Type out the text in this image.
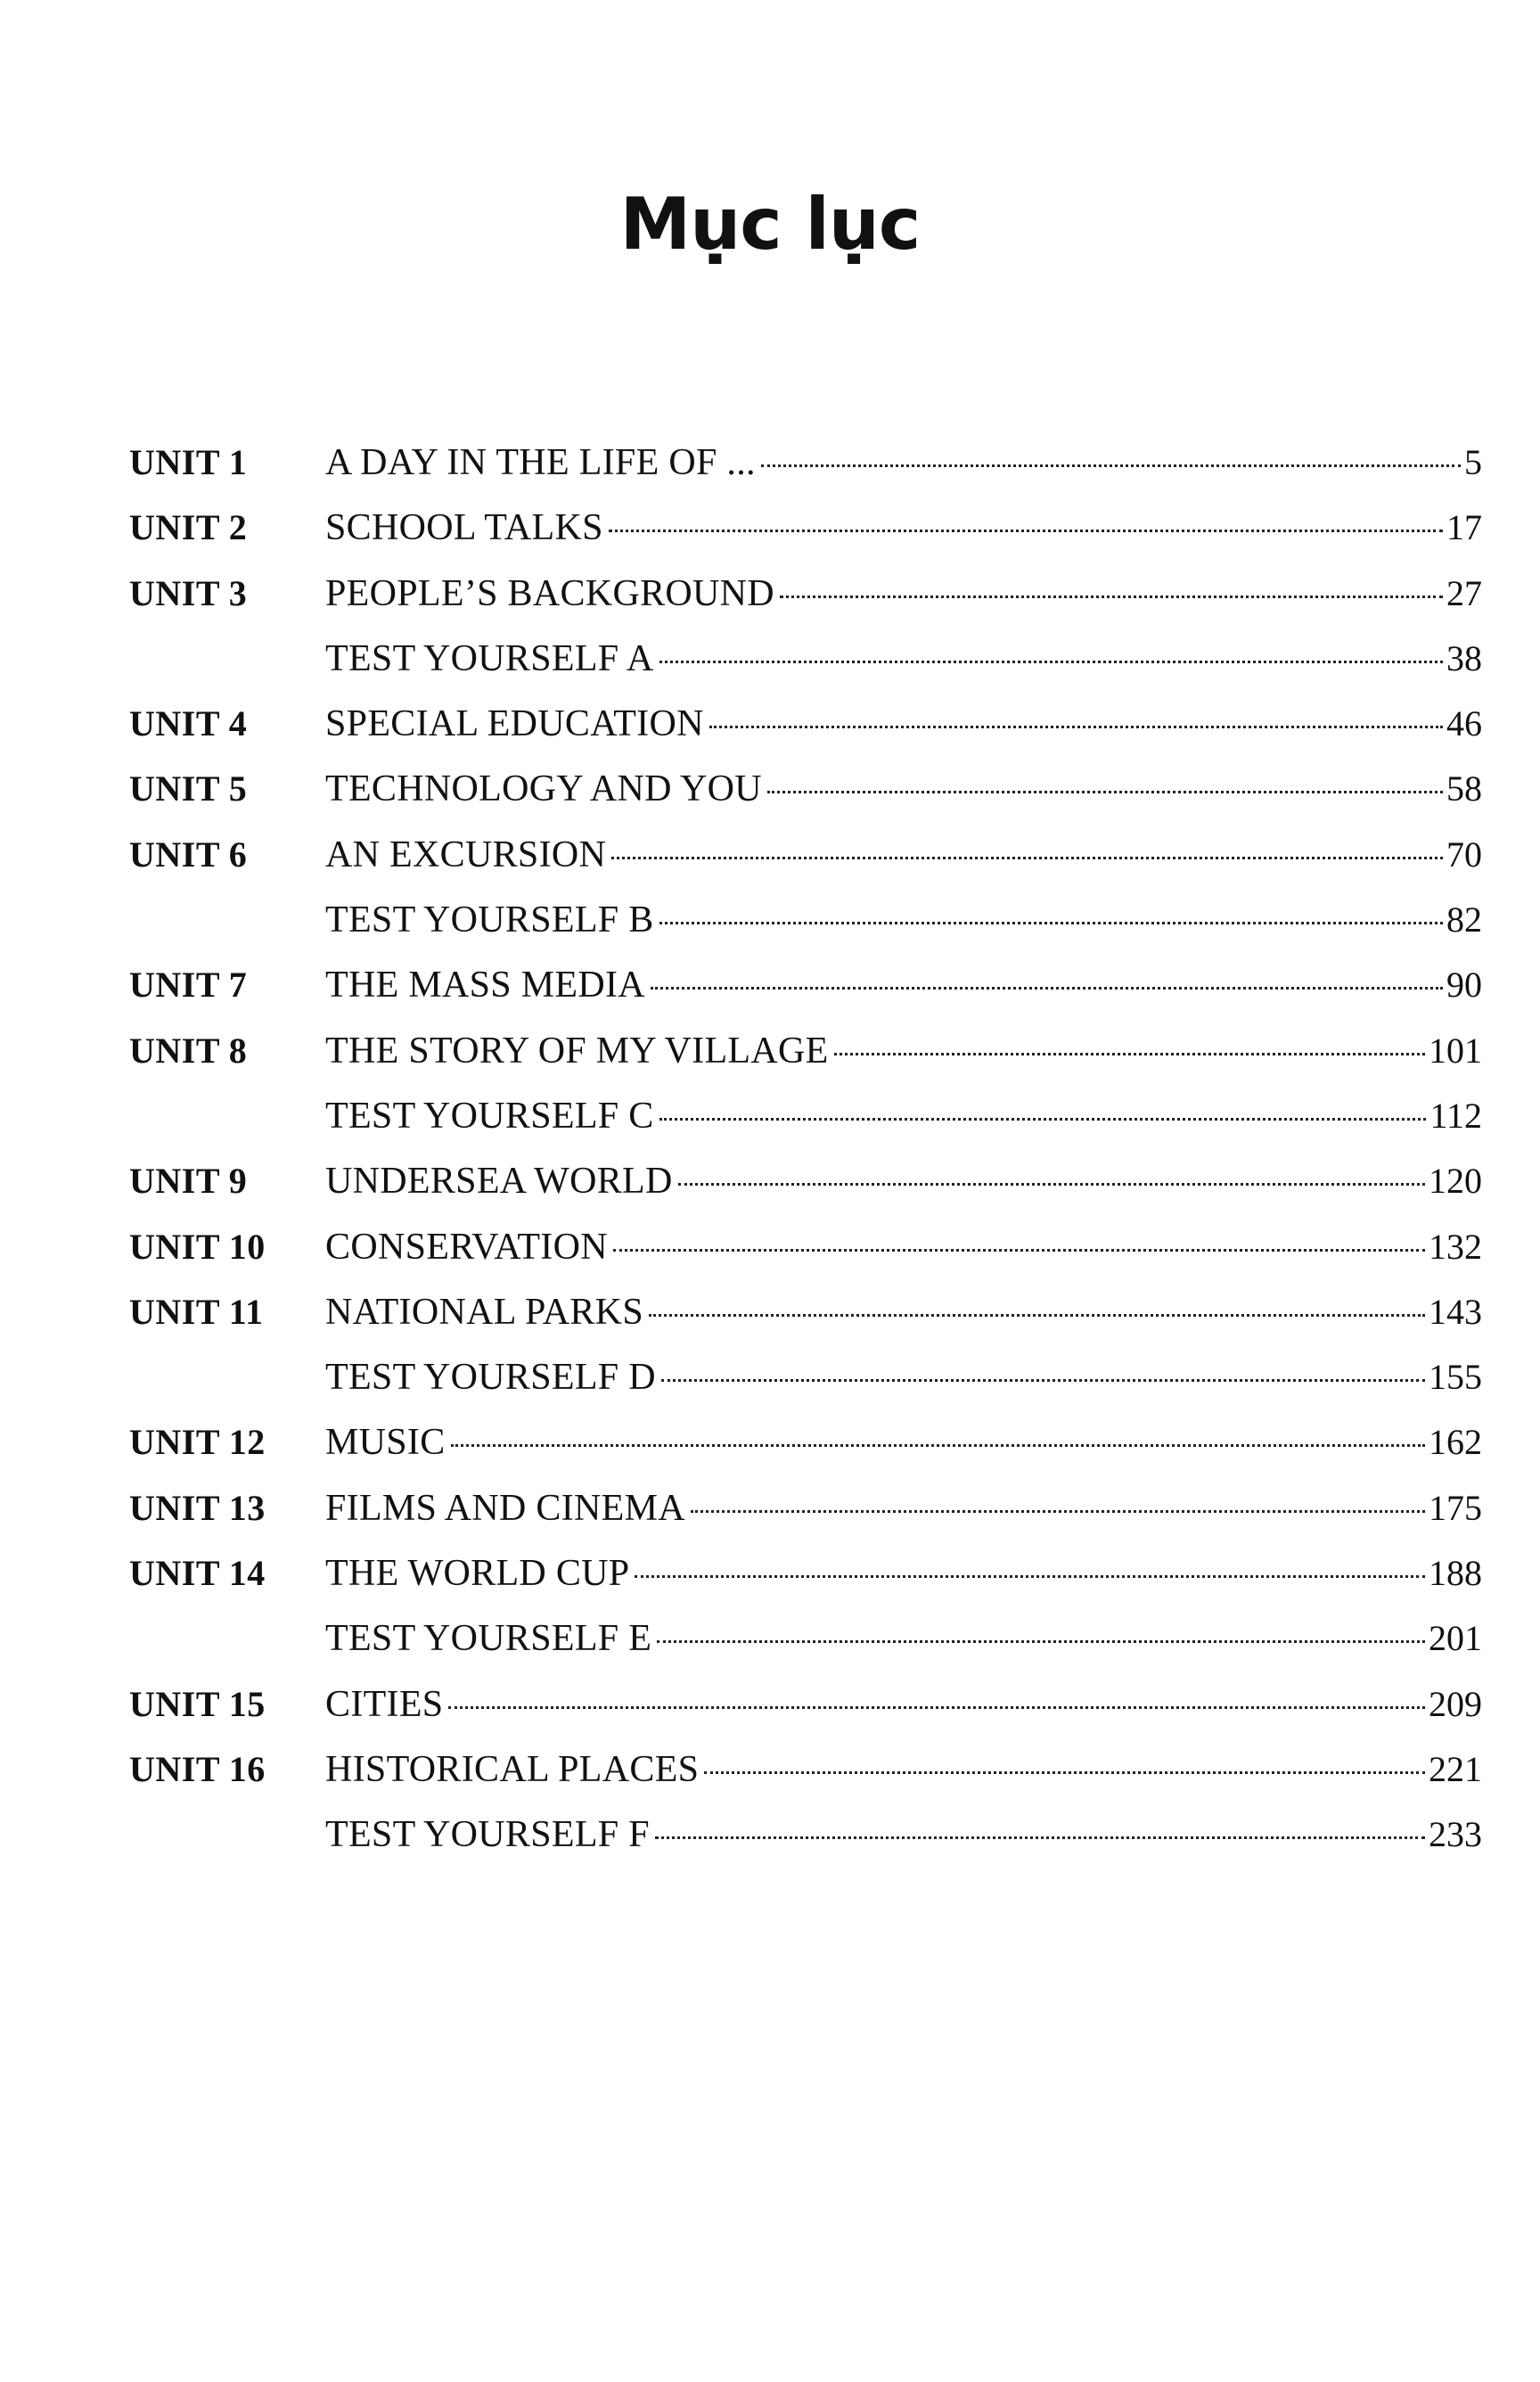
Mục lục
UNIT 1	A DAY IN THE LIFE OF ...	5
UNIT 2	SCHOOL TALKS	17
UNIT 3	PEOPLE’S BACKGROUND	27
TEST YOURSELF A	38
UNIT 4	SPECIAL EDUCATION	46
UNIT 5	TECHNOLOGY AND YOU	58
UNIT 6	AN EXCURSION	70
TEST YOURSELF B	82
UNIT 7	THE MASS MEDIA	90
UNIT 8	THE STORY OF MY VILLAGE	101
TEST YOURSELF C	112
UNIT 9	UNDERSEA WORLD	120
UNIT 10	CONSERVATION	132
UNIT 11	NATIONAL PARKS	143
TEST YOURSELF D	155
UNIT 12	MUSIC	162
UNIT 13	FILMS AND CINEMA	175
UNIT 14	THE WORLD CUP	188
TEST YOURSELF E	201
UNIT 15	CITIES	209
UNIT 16	HISTORICAL PLACES	221
TEST YOURSELF F	233
